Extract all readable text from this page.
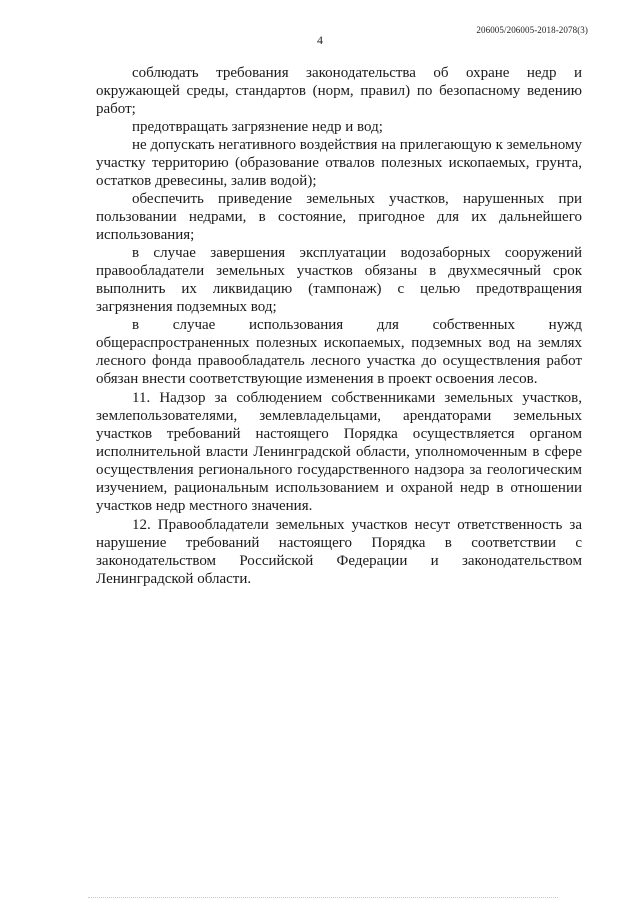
206005/206005-2018-2078(3)
4

соблюдать требования законодательства об охране недр и окружающей среды, стандартов (норм, правил) по безопасному ведению работ;

предотвращать загрязнение недр и вод;

не допускать негативного воздействия на прилегающую к земельному участку территорию (образование отвалов полезных ископаемых, грунта, остатков древесины, залив водой);

обеспечить приведение земельных участков, нарушенных при пользовании недрами, в состояние, пригодное для их дальнейшего использования;

в случае завершения эксплуатации водозаборных сооружений правообладатели земельных участков обязаны в двухмесячный срок выполнить их ликвидацию (тампонаж) с целью предотвращения загрязнения подземных вод;

в случае использования для собственных нужд общераспространенных полезных ископаемых, подземных вод на землях лесного фонда правообладатель лесного участка до осуществления работ обязан внести соответствующие изменения в проект освоения лесов.

11. Надзор за соблюдением собственниками земельных участков, землепользователями, землевладельцами, арендаторами земельных участков требований настоящего Порядка осуществляется органом исполнительной власти Ленинградской области, уполномоченным в сфере осуществления регионального государственного надзора за геологическим изучением, рациональным использованием и охраной недр в отношении участков недр местного значения.

12. Правообладатели земельных участков несут ответственность за нарушение требований настоящего Порядка в соответствии с законодательством Российской Федерации и законодательством Ленинградской области.
